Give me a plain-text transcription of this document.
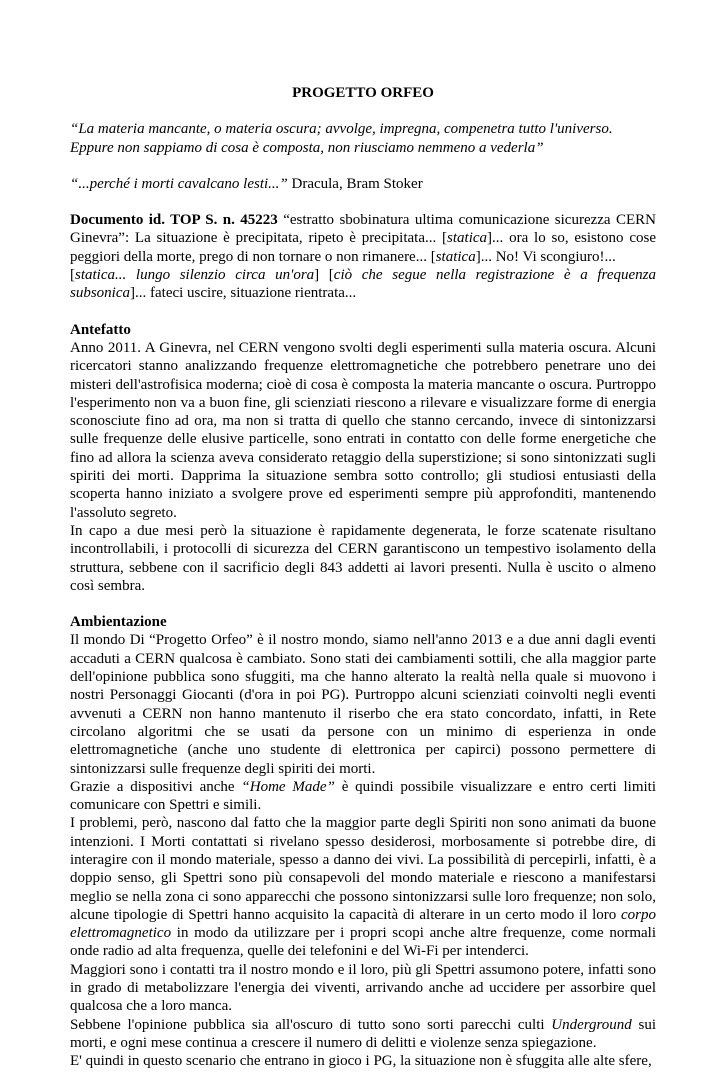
PROGETTO ORFEO

“La materia mancante, o materia oscura; avvolge, impregna, compenetra tutto l'universo.

Eppure non sappiamo di cosa è composta, non riusciamo nemmeno a vederla”

“...perché i morti cavalcano lesti...” Dracula, Bram Stoker
Documento id. TOP S. n. 45223 “estratto sbobinatura ultima comunicazione sicurezza CERN Ginevra”: La situazione è precipitata, ripeto è precipitata... [statica]... ora lo so, esistono cose peggiori della morte, prego di non tornare o non rimanere... [statica]... No! Vi scongiuro!...
[statica... lungo silenzio circa un'ora] [ciò che segue nella registrazione è a frequenza subsonica]... fateci uscire, situazione rientrata...

Antefatto

Anno 2011. A Ginevra, nel CERN vengono svolti degli esperimenti sulla materia oscura. Alcuni ricercatori stanno analizzando frequenze elettromagnetiche che potrebbero penetrare uno dei misteri dell'astrofisica moderna; cioè di cosa è composta la materia mancante o oscura. Purtroppo l'esperimento non va a buon fine, gli scienziati riescono a rilevare e visualizzare forme di energia sconosciute fino ad ora, ma non si tratta di quello che stanno cercando, invece di sintonizzarsi sulle frequenze delle elusive particelle, sono entrati in contatto con delle forme energetiche che fino ad allora la scienza aveva considerato retaggio della superstizione; si sono sintonizzati sugli spiriti dei morti. Dapprima la situazione sembra sotto controllo; gli studiosi entusiasti della scoperta hanno iniziato a svolgere prove ed esperimenti sempre più approfonditi, mantenendo l'assoluto segreto.

In capo a due mesi però la situazione è rapidamente degenerata, le forze scatenate risultano incontrollabili, i protocolli di sicurezza del CERN garantiscono un tempestivo isolamento della struttura, sebbene con il sacrificio degli 843 addetti ai lavori presenti. Nulla è uscito o almeno così sembra.

Ambientazione

Il mondo Di “Progetto Orfeo” è il nostro mondo, siamo nell'anno 2013 e a due anni dagli eventi accaduti a CERN qualcosa è cambiato. Sono stati dei cambiamenti sottili, che alla maggior parte dell'opinione pubblica sono sfuggiti, ma che hanno alterato la realtà nella quale si muovono i nostri Personaggi Giocanti (d'ora in poi PG). Purtroppo alcuni scienziati coinvolti negli eventi avvenuti a CERN non hanno mantenuto il riserbo che era stato concordato, infatti, in Rete circolano algoritmi che se usati da persone con un minimo di esperienza in onde elettromagnetiche (anche uno studente di elettronica per capirci) possono permettere di sintonizzarsi sulle frequenze degli spiriti dei morti.

Grazie a dispositivi anche “Home Made” è quindi possibile visualizzare e entro certi limiti comunicare con Spettri e simili.

I problemi, però, nascono dal fatto che la maggior parte degli Spiriti non sono animati da buone intenzioni. I Morti contattati si rivelano spesso desiderosi, morbosamente si potrebbe dire, di interagire con il mondo materiale, spesso a danno dei vivi. La possibilità di percepirli, infatti, è a doppio senso, gli Spettri sono più consapevoli del mondo materiale e riescono a manifestarsi meglio se nella zona ci sono apparecchi che possono sintonizzarsi sulle loro frequenze; non solo, alcune tipologie di Spettri hanno acquisito la capacità di alterare in un certo modo il loro corpo elettromagnetico in modo da utilizzare per i propri scopi anche altre frequenze, come normali onde radio ad alta frequenza, quelle dei telefonini e del Wi-Fi per intenderci.

Maggiori sono i contatti tra il nostro mondo e il loro, più gli Spettri assumono potere, infatti sono in grado di metabolizzare l'energia dei viventi, arrivando anche ad uccidere per assorbire quel qualcosa che a loro manca.

Sebbene l'opinione pubblica sia all'oscuro di tutto sono sorti parecchi culti Underground sui morti, e ogni mese continua a crescere il numero di delitti e violenze senza spiegazione.

E' quindi in questo scenario che entrano in gioco i PG, la situazione non è sfuggita alle alte sfere,
